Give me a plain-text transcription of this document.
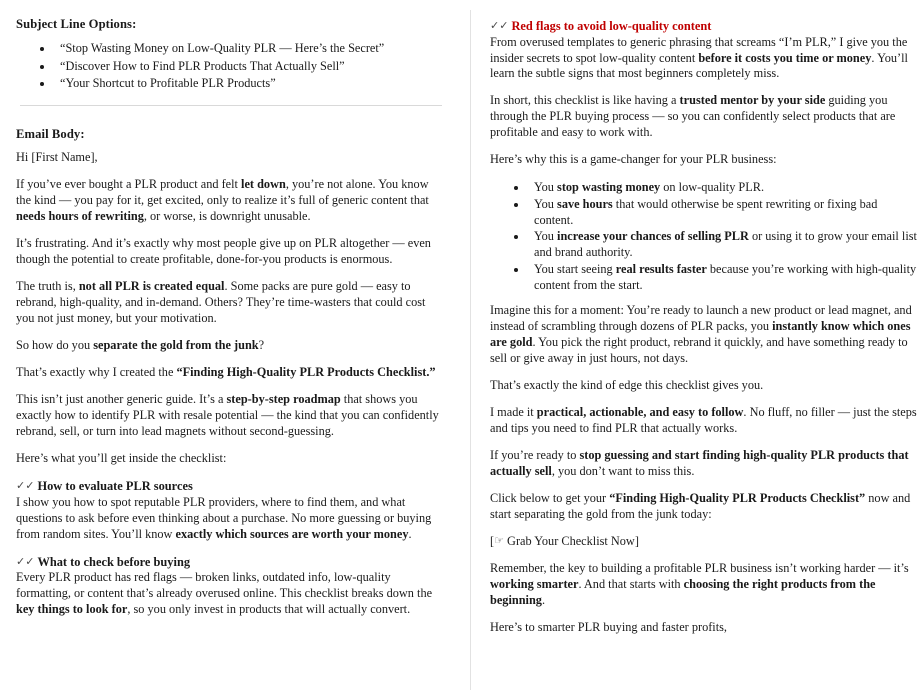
Subject Line Options:
• “Stop Wasting Money on Low-Quality PLR — Here’s the Secret”
• “Discover How to Find PLR Products That Actually Sell”
• “Your Shortcut to Profitable PLR Products”
Email Body:

Hi [First Name],

If you’ve ever bought a PLR product and felt let down, you’re not alone. You know the kind — you pay for it, get excited, only to realize it’s full of generic content that needs hours of rewriting, or worse, is downright unusable.

It’s frustrating. And it’s exactly why most people give up on PLR altogether — even though the potential to create profitable, done-for-you products is enormous.

The truth is, not all PLR is created equal. Some packs are pure gold — easy to rebrand, high-quality, and in-demand. Others? They’re time-wasters that could cost you not just money, but your motivation.

So how do you separate the gold from the junk?

That’s exactly why I created the “Finding High-Quality PLR Products Checklist.”

This isn’t just another generic guide. It’s a step-by-step roadmap that shows you exactly how to identify PLR with resale potential — the kind that you can confidently rebrand, sell, or turn into lead magnets without second-guessing.

Here’s what you’ll get inside the checklist:

✓✓ How to evaluate PLR sources

I show you how to spot reputable PLR providers, where to find them, and what questions to ask before even thinking about a purchase. No more guessing or buying from random sites. You’ll know exactly which sources are worth your money.

✓✓ What to check before buying

Every PLR product has red flags — broken links, outdated info, low-quality formatting, or content that’s already overused online. This checklist breaks down the key things to look for, so you only invest in products that will actually convert.

✓✓ Red flags to avoid low-quality content

From overused templates to generic phrasing that screams “I’m PLR,” I give you the insider secrets to spot low-quality content before it costs you time or money. You’ll learn the subtle signs that most beginners completely miss.

In short, this checklist is like having a trusted mentor by your side guiding you through the PLR buying process — so you can confidently select products that are profitable and easy to work with.

Here’s why this is a game-changer for your PLR business:

• You stop wasting money on low-quality PLR.
• You save hours that would otherwise be spent rewriting or fixing bad content.
• You increase your chances of selling PLR or using it to grow your email list and brand authority.
• You start seeing real results faster because you’re working with high-quality content from the start.

Imagine this for a moment: You’re ready to launch a new product or lead magnet, and instead of scrambling through dozens of PLR packs, you instantly know which ones are gold. You pick the right product, rebrand it quickly, and have something ready to sell or give away in just hours, not days.

That’s exactly the kind of edge this checklist gives you.

I made it practical, actionable, and easy to follow. No fluff, no filler — just the steps and tips you need to find PLR that actually works.

If you’re ready to stop guessing and start finding high-quality PLR products that actually sell, you don’t want to miss this.

Click below to get your “Finding High-Quality PLR Products Checklist” now and start separating the gold from the junk today:

[☞ Grab Your Checklist Now]

Remember, the key to building a profitable PLR business isn’t working harder — it’s working smarter. And that starts with choosing the right products from the beginning.

Here’s to smarter PLR buying and faster profits,
